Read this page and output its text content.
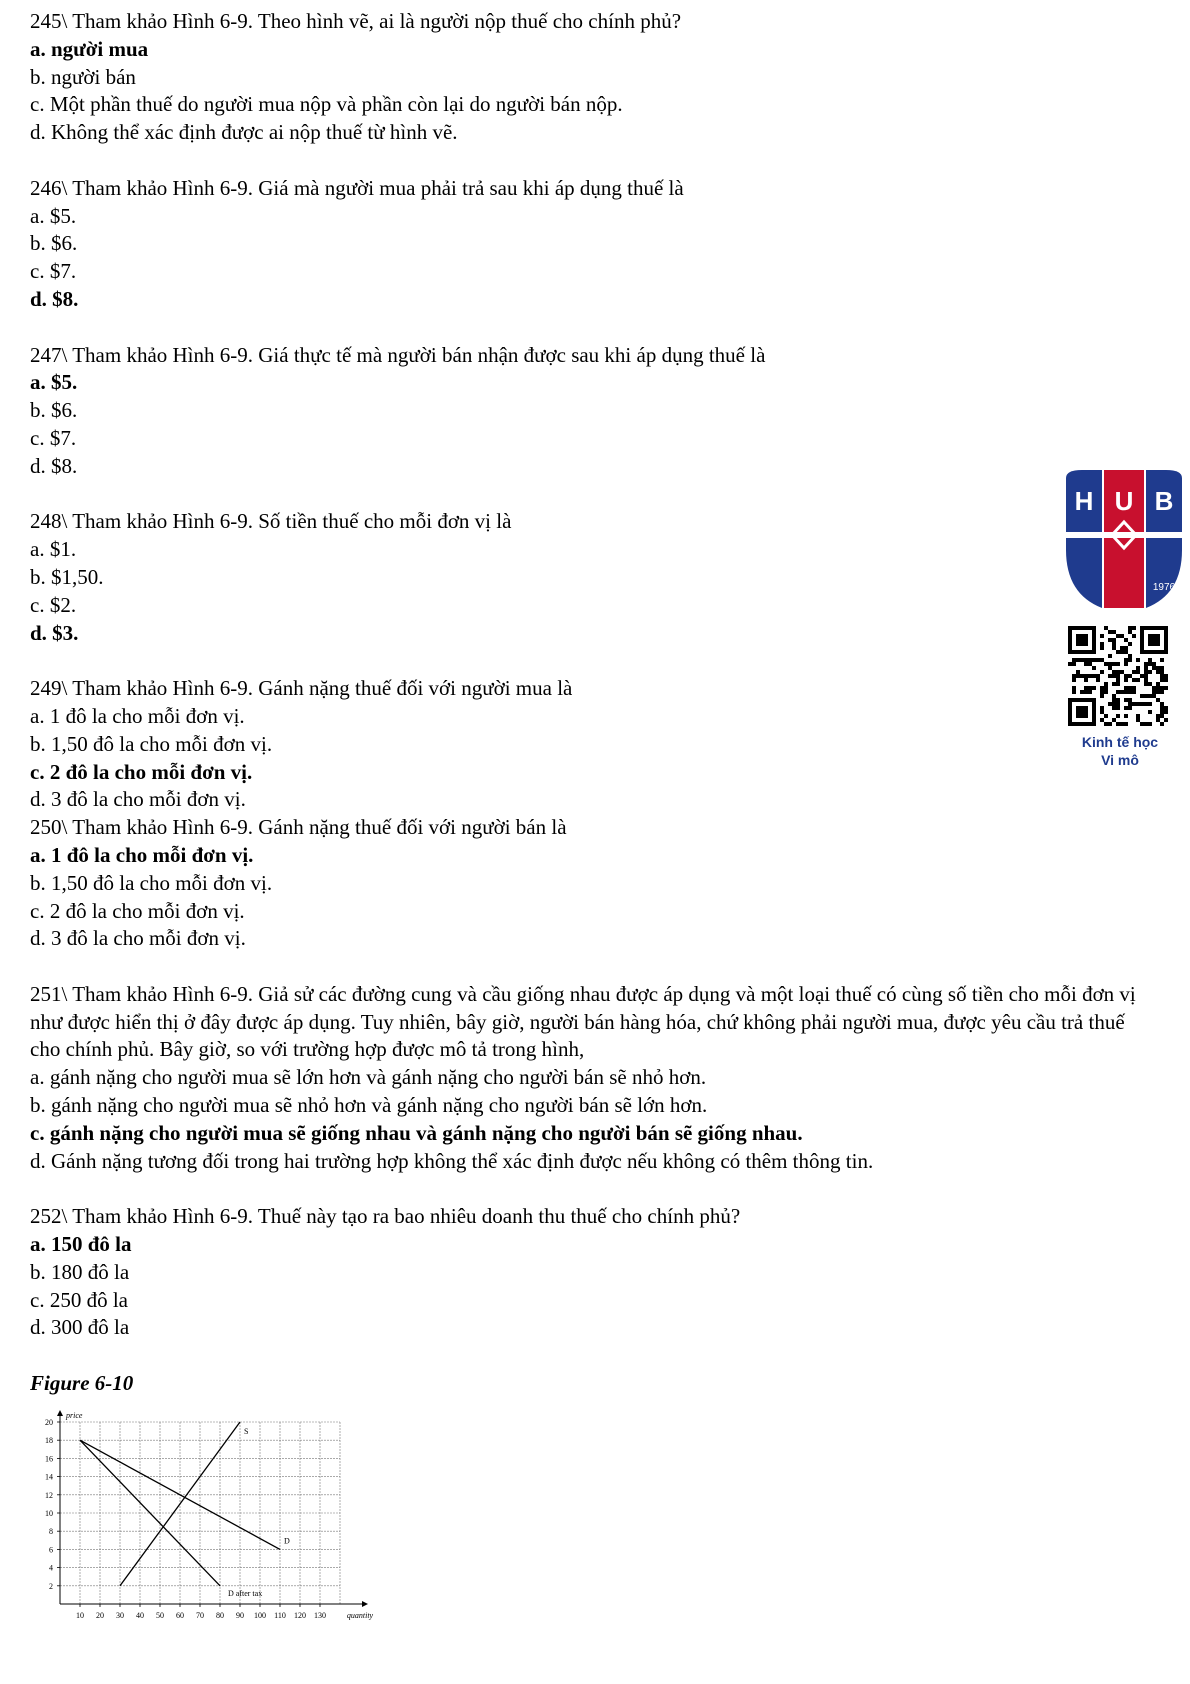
245\ Tham khảo Hình 6-9. Theo hình vẽ, ai là người nộp thuế cho chính phủ?
a. người mua
b. người bán
c. Một phần thuế do người mua nộp và phần còn lại do người bán nộp.
d. Không thể xác định được ai nộp thuế từ hình vẽ.
246\ Tham khảo Hình 6-9. Giá mà người mua phải trả sau khi áp dụng thuế là
a. $5.
b. $6.
c. $7.
d. $8.
247\ Tham khảo Hình 6-9. Giá thực tế mà người bán nhận được sau khi áp dụng thuế là
a. $5.
b. $6.
c. $7.
d. $8.
248\ Tham khảo Hình 6-9. Số tiền thuế cho mỗi đơn vị là
a. $1.
b. $1,50.
c. $2.
d. $3.
249\ Tham khảo Hình 6-9. Gánh nặng thuế đối với người mua là
a. 1 đô la cho mỗi đơn vị.
b. 1,50 đô la cho mỗi đơn vị.
c. 2 đô la cho mỗi đơn vị.
d. 3 đô la cho mỗi đơn vị.
250\ Tham khảo Hình 6-9. Gánh nặng thuế đối với người bán là
a. 1 đô la cho mỗi đơn vị.
b. 1,50 đô la cho mỗi đơn vị.
c. 2 đô la cho mỗi đơn vị.
d. 3 đô la cho mỗi đơn vị.
251\ Tham khảo Hình 6-9. Giả sử các đường cung và cầu giống nhau được áp dụng và một loại thuế có cùng số tiền cho mỗi đơn vị như được hiển thị ở đây được áp dụng. Tuy nhiên, bây giờ, người bán hàng hóa, chứ không phải người mua, được yêu cầu trả thuế cho chính phủ. Bây giờ, so với trường hợp được mô tả trong hình,
a. gánh nặng cho người mua sẽ lớn hơn và gánh nặng cho người bán sẽ nhỏ hơn.
b. gánh nặng cho người mua sẽ nhỏ hơn và gánh nặng cho người bán sẽ lớn hơn.
c. gánh nặng cho người mua sẽ giống nhau và gánh nặng cho người bán sẽ giống nhau.
d. Gánh nặng tương đối trong hai trường hợp không thể xác định được nếu không có thêm thông tin.
252\ Tham khảo Hình 6-9. Thuế này tạo ra bao nhiêu doanh thu thuế cho chính phủ?
a. 150 đô la
b. 180 đô la
c. 250 đô la
d. 300 đô la
Figure 6-10
H U B
1976
Kinh tế học
Vi mô
2
4
6
8
10
12
14
16
18
20
10 20 30 40 50 60 70 80 90 100 110 120 130
price
quantity
S
D
D after tax
